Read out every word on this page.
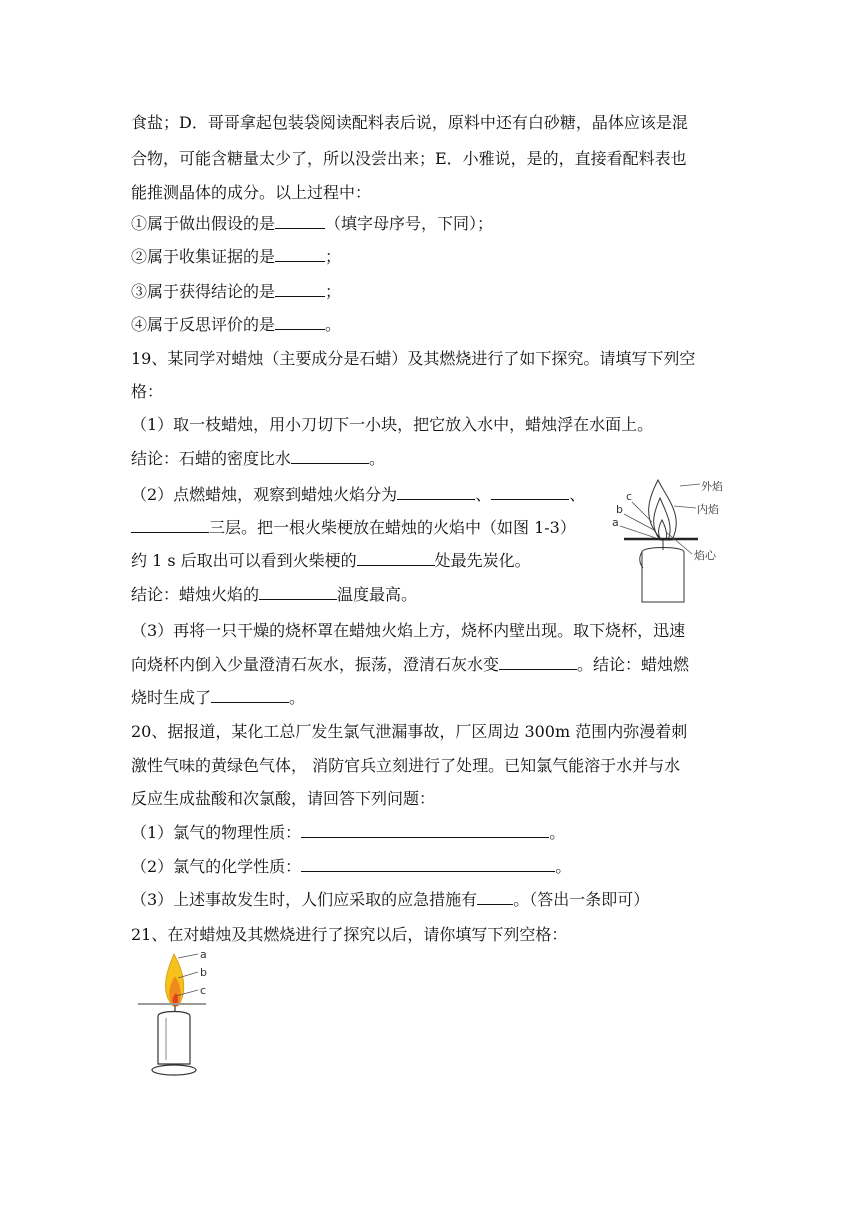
食盐；D．哥哥拿起包装袋阅读配料表后说，原料中还有白砂糖，晶体应该是混
合物，可能含糖量太少了，所以没尝出来；E．小雅说，是的，直接看配料表也
能推测晶体的成分。以上过程中：
①属于做出假设的是	（填字母序号，下同）；
②属于收集证据的是	；
③属于获得结论的是	；
④属于反思评价的是	。
19、某同学对蜡烛（主要成分是石蜡）及其燃烧进行了如下探究。请填写下列空
格：
（1）取一枝蜡烛，用小刀切下一小块，把它放入水中，蜡烛浮在水面上。
结论：石蜡的密度比水	。
（2）点燃蜡烛，观察到蜡烛火焰分为	、	、
三层。把一根火柴梗放在蜡烛的火焰中（如图 1-3）
约 1 s 后取出可以看到火柴梗的	处最先炭化。
结论：蜡烛火焰的	温度最高。
（3）再将一只干燥的烧杯罩在蜡烛火焰上方，烧杯内壁出现。取下烧杯，迅速
向烧杯内倒入少量澄清石灰水，振荡，澄清石灰水变	。结论：蜡烛燃
烧时生成了	。
20、据报道，某化工总厂发生氯气泄漏事故，厂区周边 300m 范围内弥漫着刺
激性气味的黄绿色气体， 消防官兵立刻进行了处理。已知氯气能溶于水并与水
反应生成盐酸和次氯酸，请回答下列问题：
（1）氯气的物理性质：	。
（2）氯气的化学性质：	。
（3）上述事故发生时，人们应采取的应急措施有 。（答出一条即可）
21、在对蜡烛及其燃烧进行了探究以后，请你填写下列空格：
外焰
内焰
焰心
c
b
a
a
b
c
